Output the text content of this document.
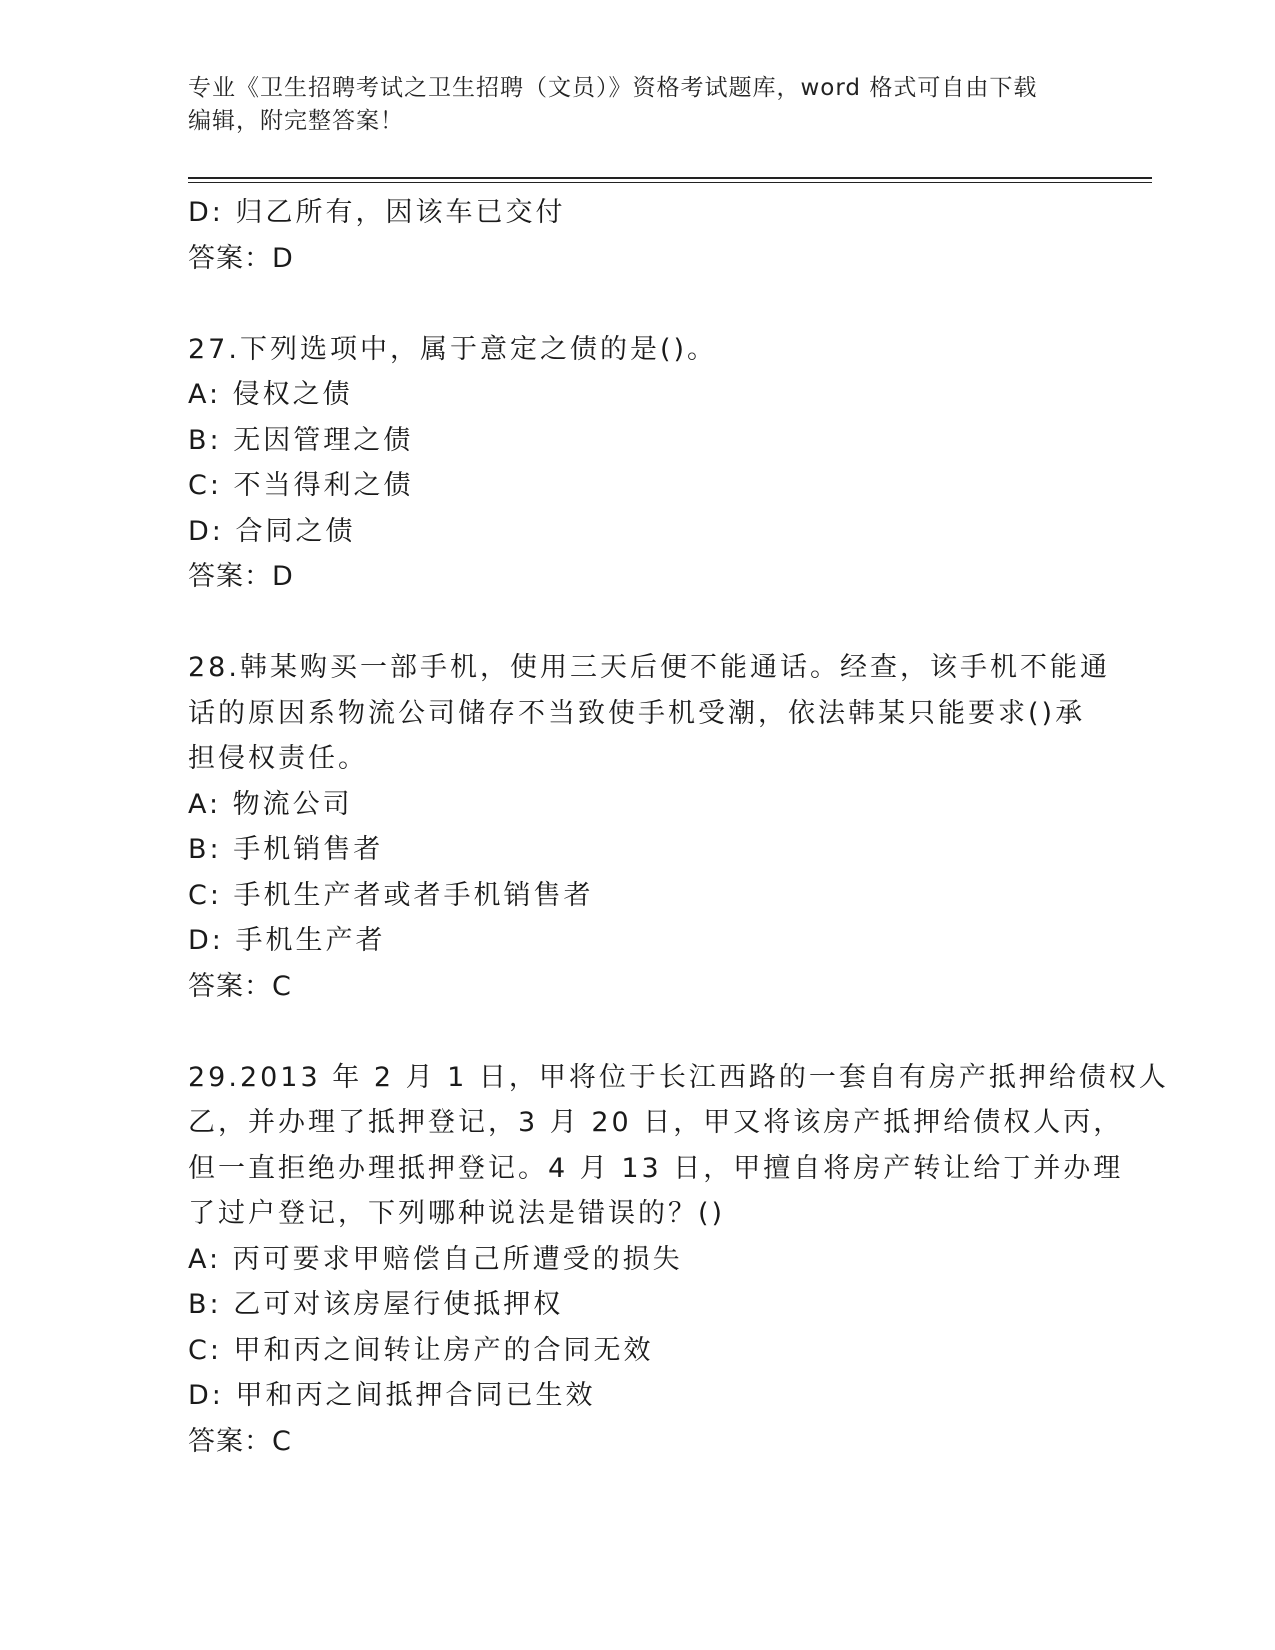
专业《卫生招聘考试之卫生招聘（文员）》资格考试题库，word 格式可自由下载
编辑，附完整答案！
D: 归乙所有，因该车已交付
答案：D
27.下列选项中，属于意定之债的是()。
A: 侵权之债
B: 无因管理之债
C: 不当得利之债
D: 合同之债
答案：D
28.韩某购买一部手机，使用三天后便不能通话。经查，该手机不能通
话的原因系物流公司储存不当致使手机受潮，依法韩某只能要求()承
担侵权责任。
A: 物流公司
B: 手机销售者
C: 手机生产者或者手机销售者
D: 手机生产者
答案：C
29.2013 年 2 月 1 日，甲将位于长江西路的一套自有房产抵押给债权人
乙，并办理了抵押登记，3 月 20 日，甲又将该房产抵押给债权人丙，
但一直拒绝办理抵押登记。4 月 13 日，甲擅自将房产转让给丁并办理
了过户登记，下列哪种说法是错误的？()
A: 丙可要求甲赔偿自己所遭受的损失
B: 乙可对该房屋行使抵押权
C: 甲和丙之间转让房产的合同无效
D: 甲和丙之间抵押合同已生效
答案：C
